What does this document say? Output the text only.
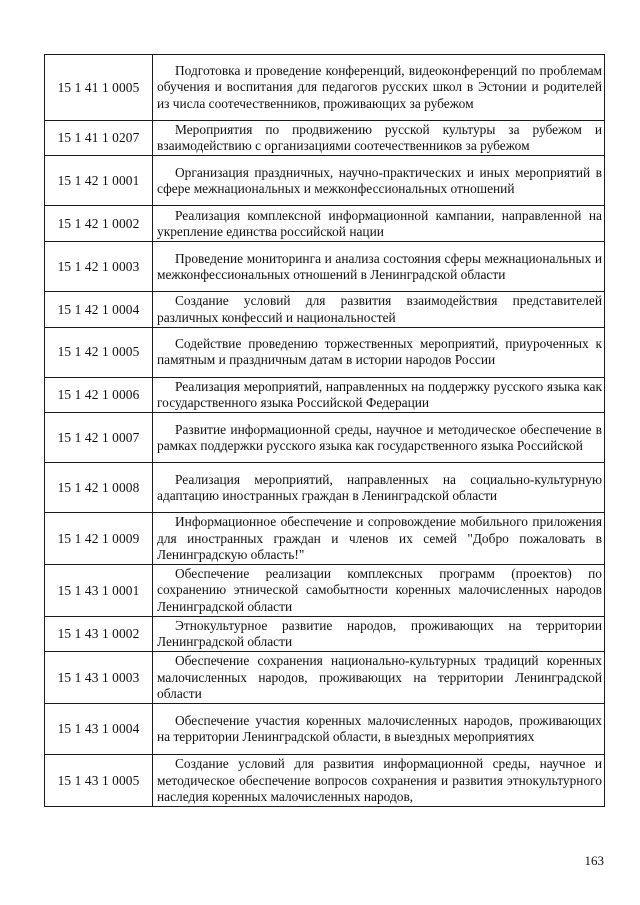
15 1 41 1 0005	Подготовка и проведение конференций, видеоконференций по проблемам обучения и воспитания для педагогов русских школ в Эстонии и родителей из числа соотечественников, проживающих за рубежом
15 1 41 1 0207	Мероприятия по продвижению русской культуры за рубежом и взаимодействию с организациями соотечественников за рубежом
15 1 42 1 0001	Организация праздничных, научно-практических и иных мероприятий в сфере межнациональных и межконфессиональных отношений
15 1 42 1 0002	Реализация комплексной информационной кампании, направленной на укрепление единства российской нации
15 1 42 1 0003	Проведение мониторинга и анализа состояния сферы межнациональных и межконфессиональных отношений в Ленинградской области
15 1 42 1 0004	Создание условий для развития взаимодействия представителей различных конфессий и национальностей
15 1 42 1 0005	Содействие проведению торжественных мероприятий, приуроченных к памятным и праздничным датам в истории народов России
15 1 42 1 0006	Реализация мероприятий, направленных на поддержку русского языка как государственного языка Российской Федерации
15 1 42 1 0007	Развитие информационной среды, научное и методическое обеспечение в рамках поддержки русского языка как государственного языка Российской
15 1 42 1 0008	Реализация мероприятий, направленных на социально-культурную адаптацию иностранных граждан в Ленинградской области
15 1 42 1 0009	Информационное обеспечение и сопровождение мобильного приложения для иностранных граждан и членов их семей "Добро пожаловать в Ленинградскую область!"
15 1 43 1 0001	Обеспечение реализации комплексных программ (проектов) по сохранению этнической самобытности коренных малочисленных народов Ленинградской области
15 1 43 1 0002	Этнокультурное развитие народов, проживающих на территории Ленинградской области
15 1 43 1 0003	Обеспечение сохранения национально-культурных традиций коренных малочисленных народов, проживающих на территории Ленинградской области
15 1 43 1 0004	Обеспечение участия коренных малочисленных народов, проживающих на территории Ленинградской области, в выездных мероприятиях
15 1 43 1 0005	Создание условий для развития информационной среды, научное и методическое обеспечение вопросов сохранения и развития этнокультурного наследия коренных малочисленных народов,
163
